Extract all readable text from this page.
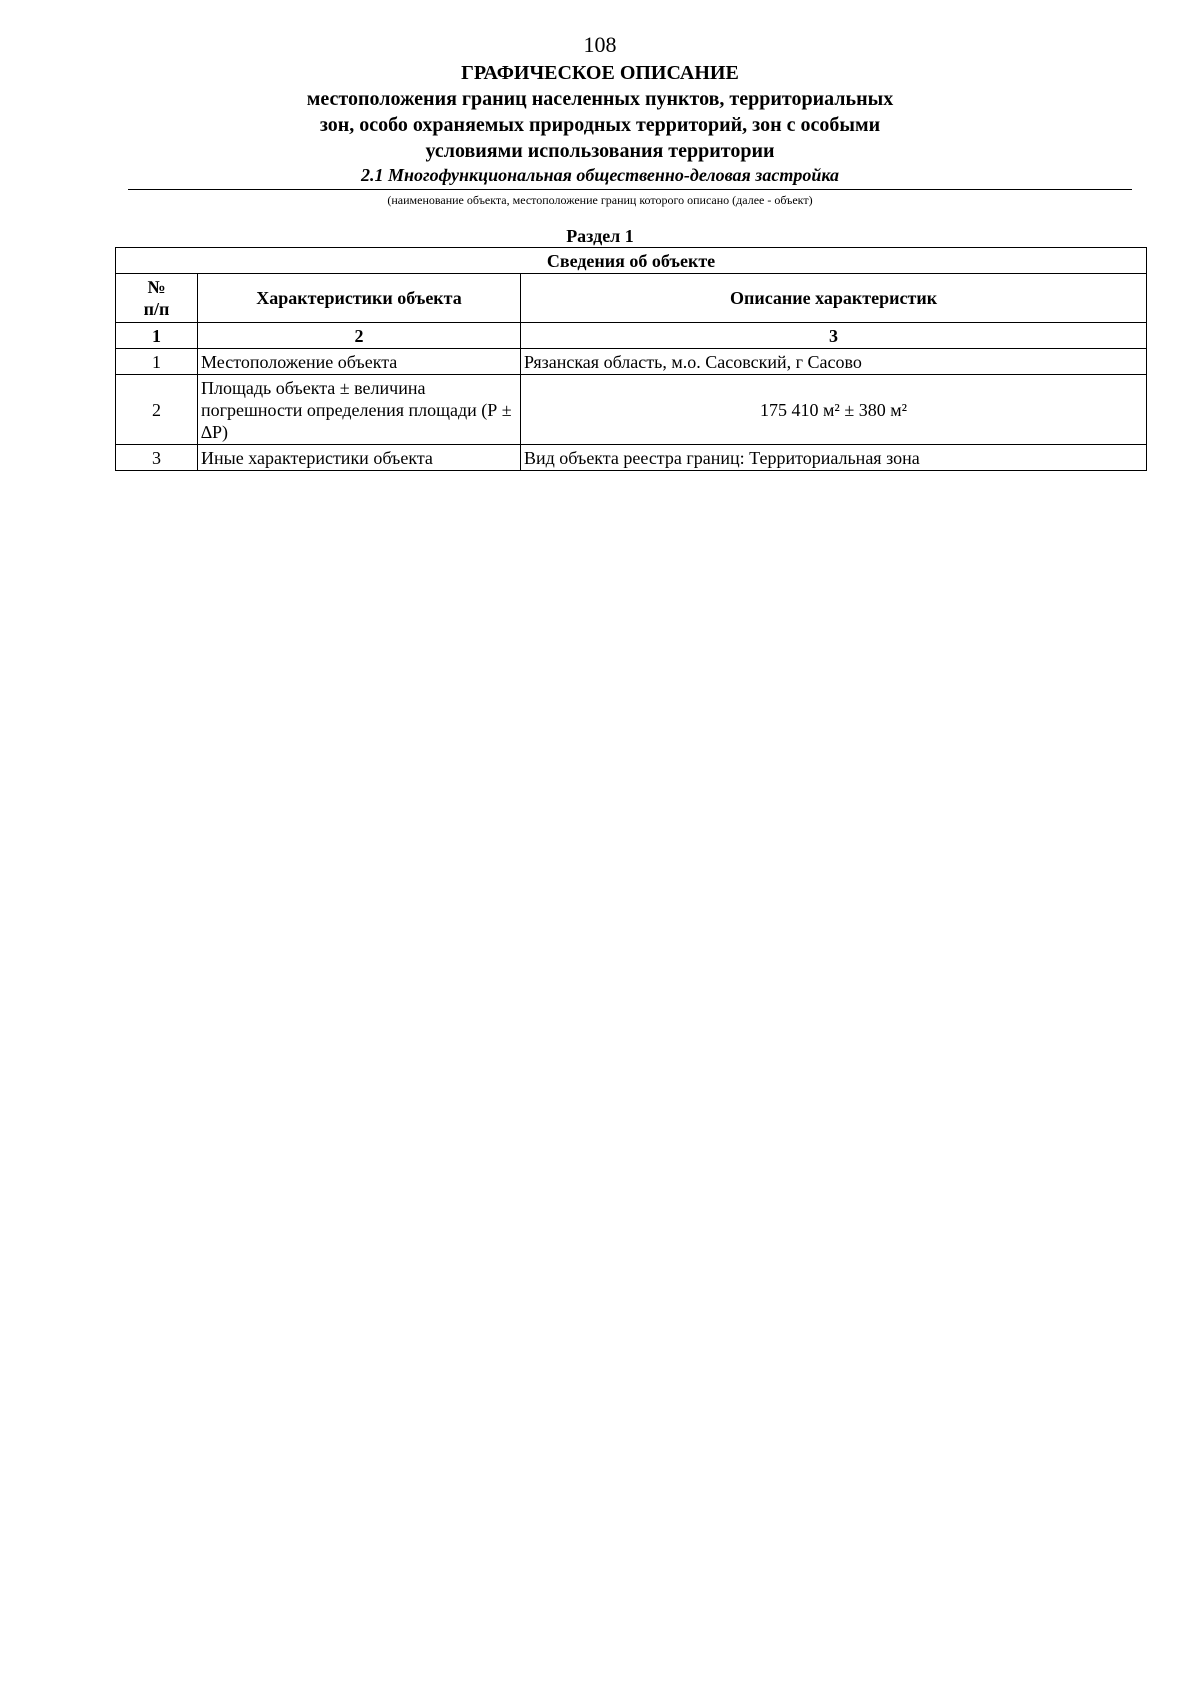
108
ГРАФИЧЕСКОЕ ОПИСАНИЕ
местоположения границ населенных пунктов, территориальных
зон, особо охраняемых природных территорий, зон с особыми
условиями использования территории
2.1 Многофункциональная общественно-деловая застройка
(наименование объекта, местоположение границ которого описано (далее - объект)
Раздел 1
Сведения об объекте		
№
п/п	Характеристики объекта	Описание характеристик
1	2	3
1	Местоположение объекта	Рязанская область, м.о. Сасовский, г Сасово
2	Площадь объекта ± величина погрешности определения площади (Р ± ∆Р)	175 410 м² ± 380 м²
3	Иные характеристики объекта	Вид объекта реестра границ: Территориальная зона
